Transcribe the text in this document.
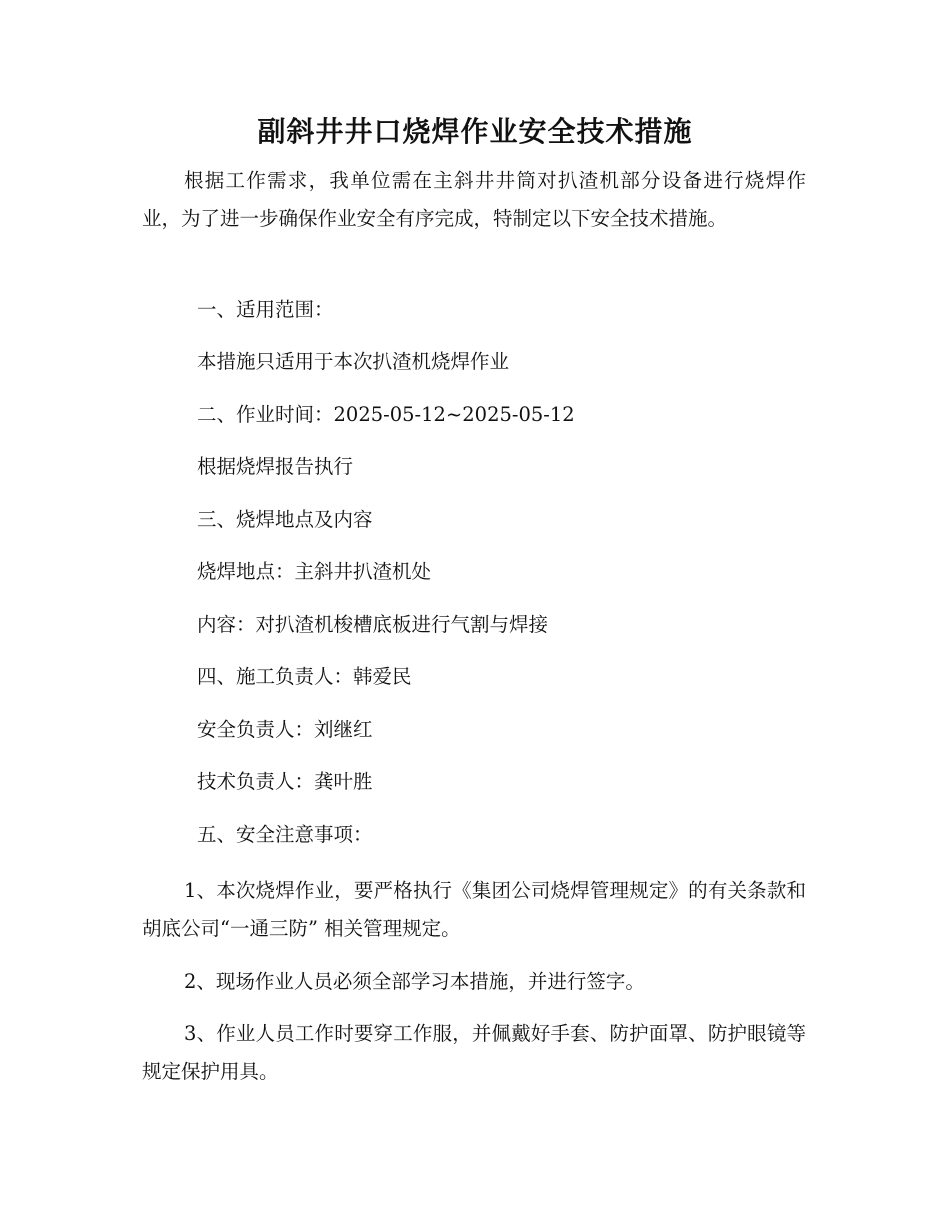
副斜井井口烧焊作业安全技术措施
根据工作需求，我单位需在主斜井井筒对扒渣机部分设备进行烧焊作业，为了进一步确保作业安全有序完成，特制定以下安全技术措施。
一、适用范围：
本措施只适用于本次扒渣机烧焊作业
二、作业时间：2025-05-12~2025-05-12
根据烧焊报告执行
三、烧焊地点及内容
烧焊地点：主斜井扒渣机处
内容：对扒渣机梭槽底板进行气割与焊接
四、施工负责人：韩爱民
安全负责人：刘继红
技术负责人：龚叶胜
五、安全注意事项：
1、本次烧焊作业，要严格执行《集团公司烧焊管理规定》的有关条款和胡底公司“一通三防” 相关管理规定。
2、现场作业人员必须全部学习本措施，并进行签字。
3、作业人员工作时要穿工作服，并佩戴好手套、防护面罩、防护眼镜等规定保护用具。
